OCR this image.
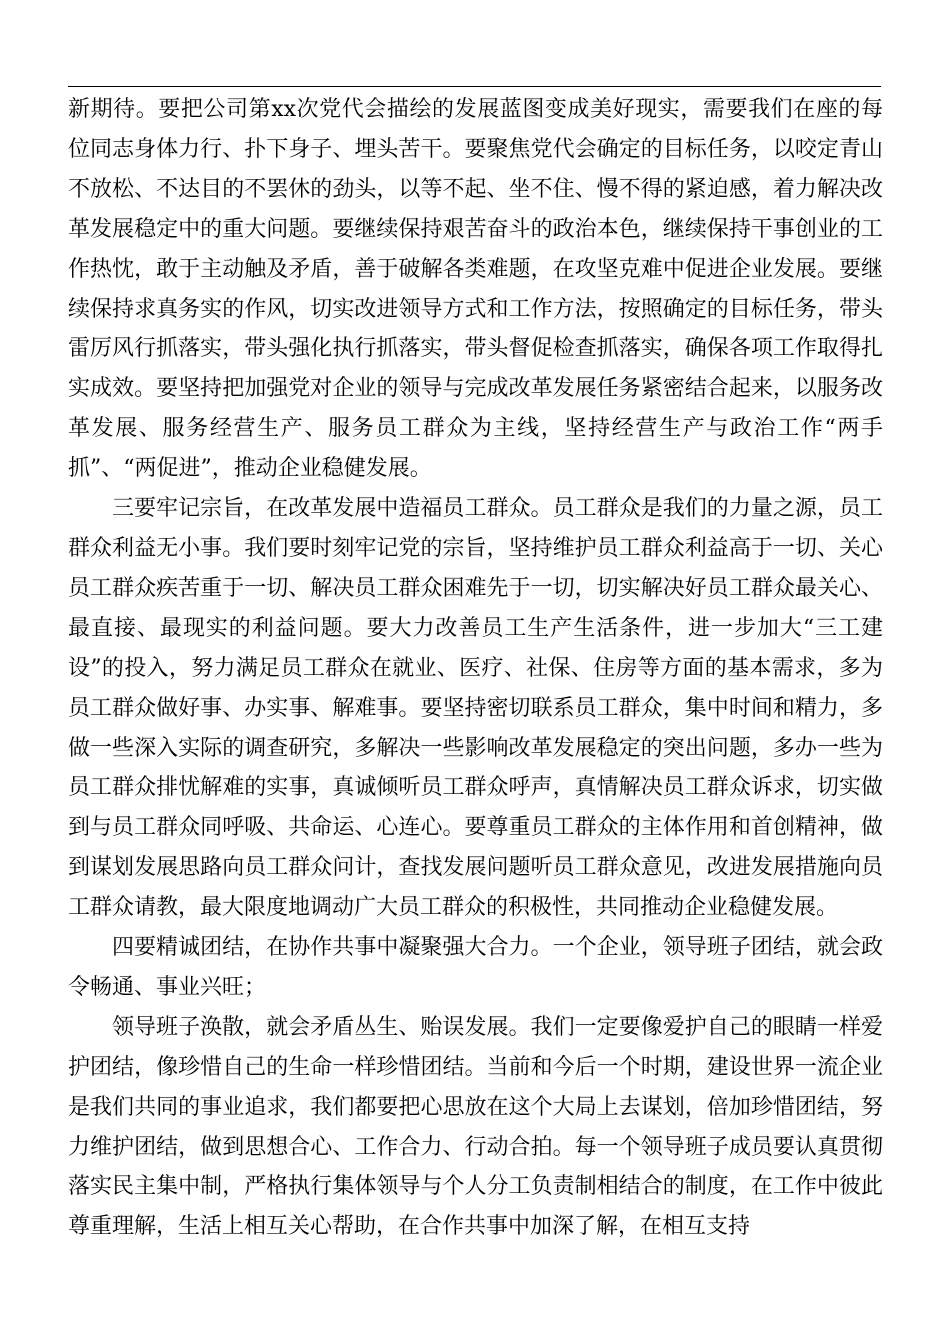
新期待。要把公司第xx次党代会描绘的发展蓝图变成美好现实，需要我们在座的每位同志身体力行、扑下身子、埋头苦干。要聚焦党代会确定的目标任务，以咬定青山不放松、不达目的不罢休的劲头，以等不起、坐不住、慢不得的紧迫感，着力解决改革发展稳定中的重大问题。要继续保持艰苦奋斗的政治本色，继续保持干事创业的工作热忱，敢于主动触及矛盾，善于破解各类难题，在攻坚克难中促进企业发展。要继续保持求真务实的作风，切实改进领导方式和工作方法，按照确定的目标任务，带头雷厉风行抓落实，带头强化执行抓落实，带头督促检查抓落实，确保各项工作取得扎实成效。要坚持把加强党对企业的领导与完成改革发展任务紧密结合起来，以服务改革发展、服务经营生产、服务员工群众为主线，坚持经营生产与政治工作“两手抓”、“两促进”，推动企业稳健发展。

三要牢记宗旨，在改革发展中造福员工群众。员工群众是我们的力量之源，员工群众利益无小事。我们要时刻牢记党的宗旨，坚持维护员工群众利益高于一切、关心员工群众疾苦重于一切、解决员工群众困难先于一切，切实解决好员工群众最关心、最直接、最现实的利益问题。要大力改善员工生产生活条件，进一步加大“三工建设”的投入，努力满足员工群众在就业、医疗、社保、住房等方面的基本需求，多为员工群众做好事、办实事、解难事。要坚持密切联系员工群众，集中时间和精力，多做一些深入实际的调查研究，多解决一些影响改革发展稳定的突出问题，多办一些为员工群众排忧解难的实事，真诚倾听员工群众呼声，真情解决员工群众诉求，切实做到与员工群众同呼吸、共命运、心连心。要尊重员工群众的主体作用和首创精神，做到谋划发展思路向员工群众问计，查找发展问题听员工群众意见，改进发展措施向员工群众请教，最大限度地调动广大员工群众的积极性，共同推动企业稳健发展。

四要精诚团结，在协作共事中凝聚强大合力。一个企业，领导班子团结，就会政令畅通、事业兴旺；

领导班子涣散，就会矛盾丛生、贻误发展。我们一定要像爱护自己的眼睛一样爱护团结，像珍惜自己的生命一样珍惜团结。当前和今后一个时期，建设世界一流企业是我们共同的事业追求，我们都要把心思放在这个大局上去谋划，倍加珍惜团结，努力维护团结，做到思想合心、工作合力、行动合拍。每一个领导班子成员要认真贯彻落实民主集中制，严格执行集体领导与个人分工负责制相结合的制度，在工作中彼此尊重理解，生活上相互关心帮助，在合作共事中加深了解，在相互支持
